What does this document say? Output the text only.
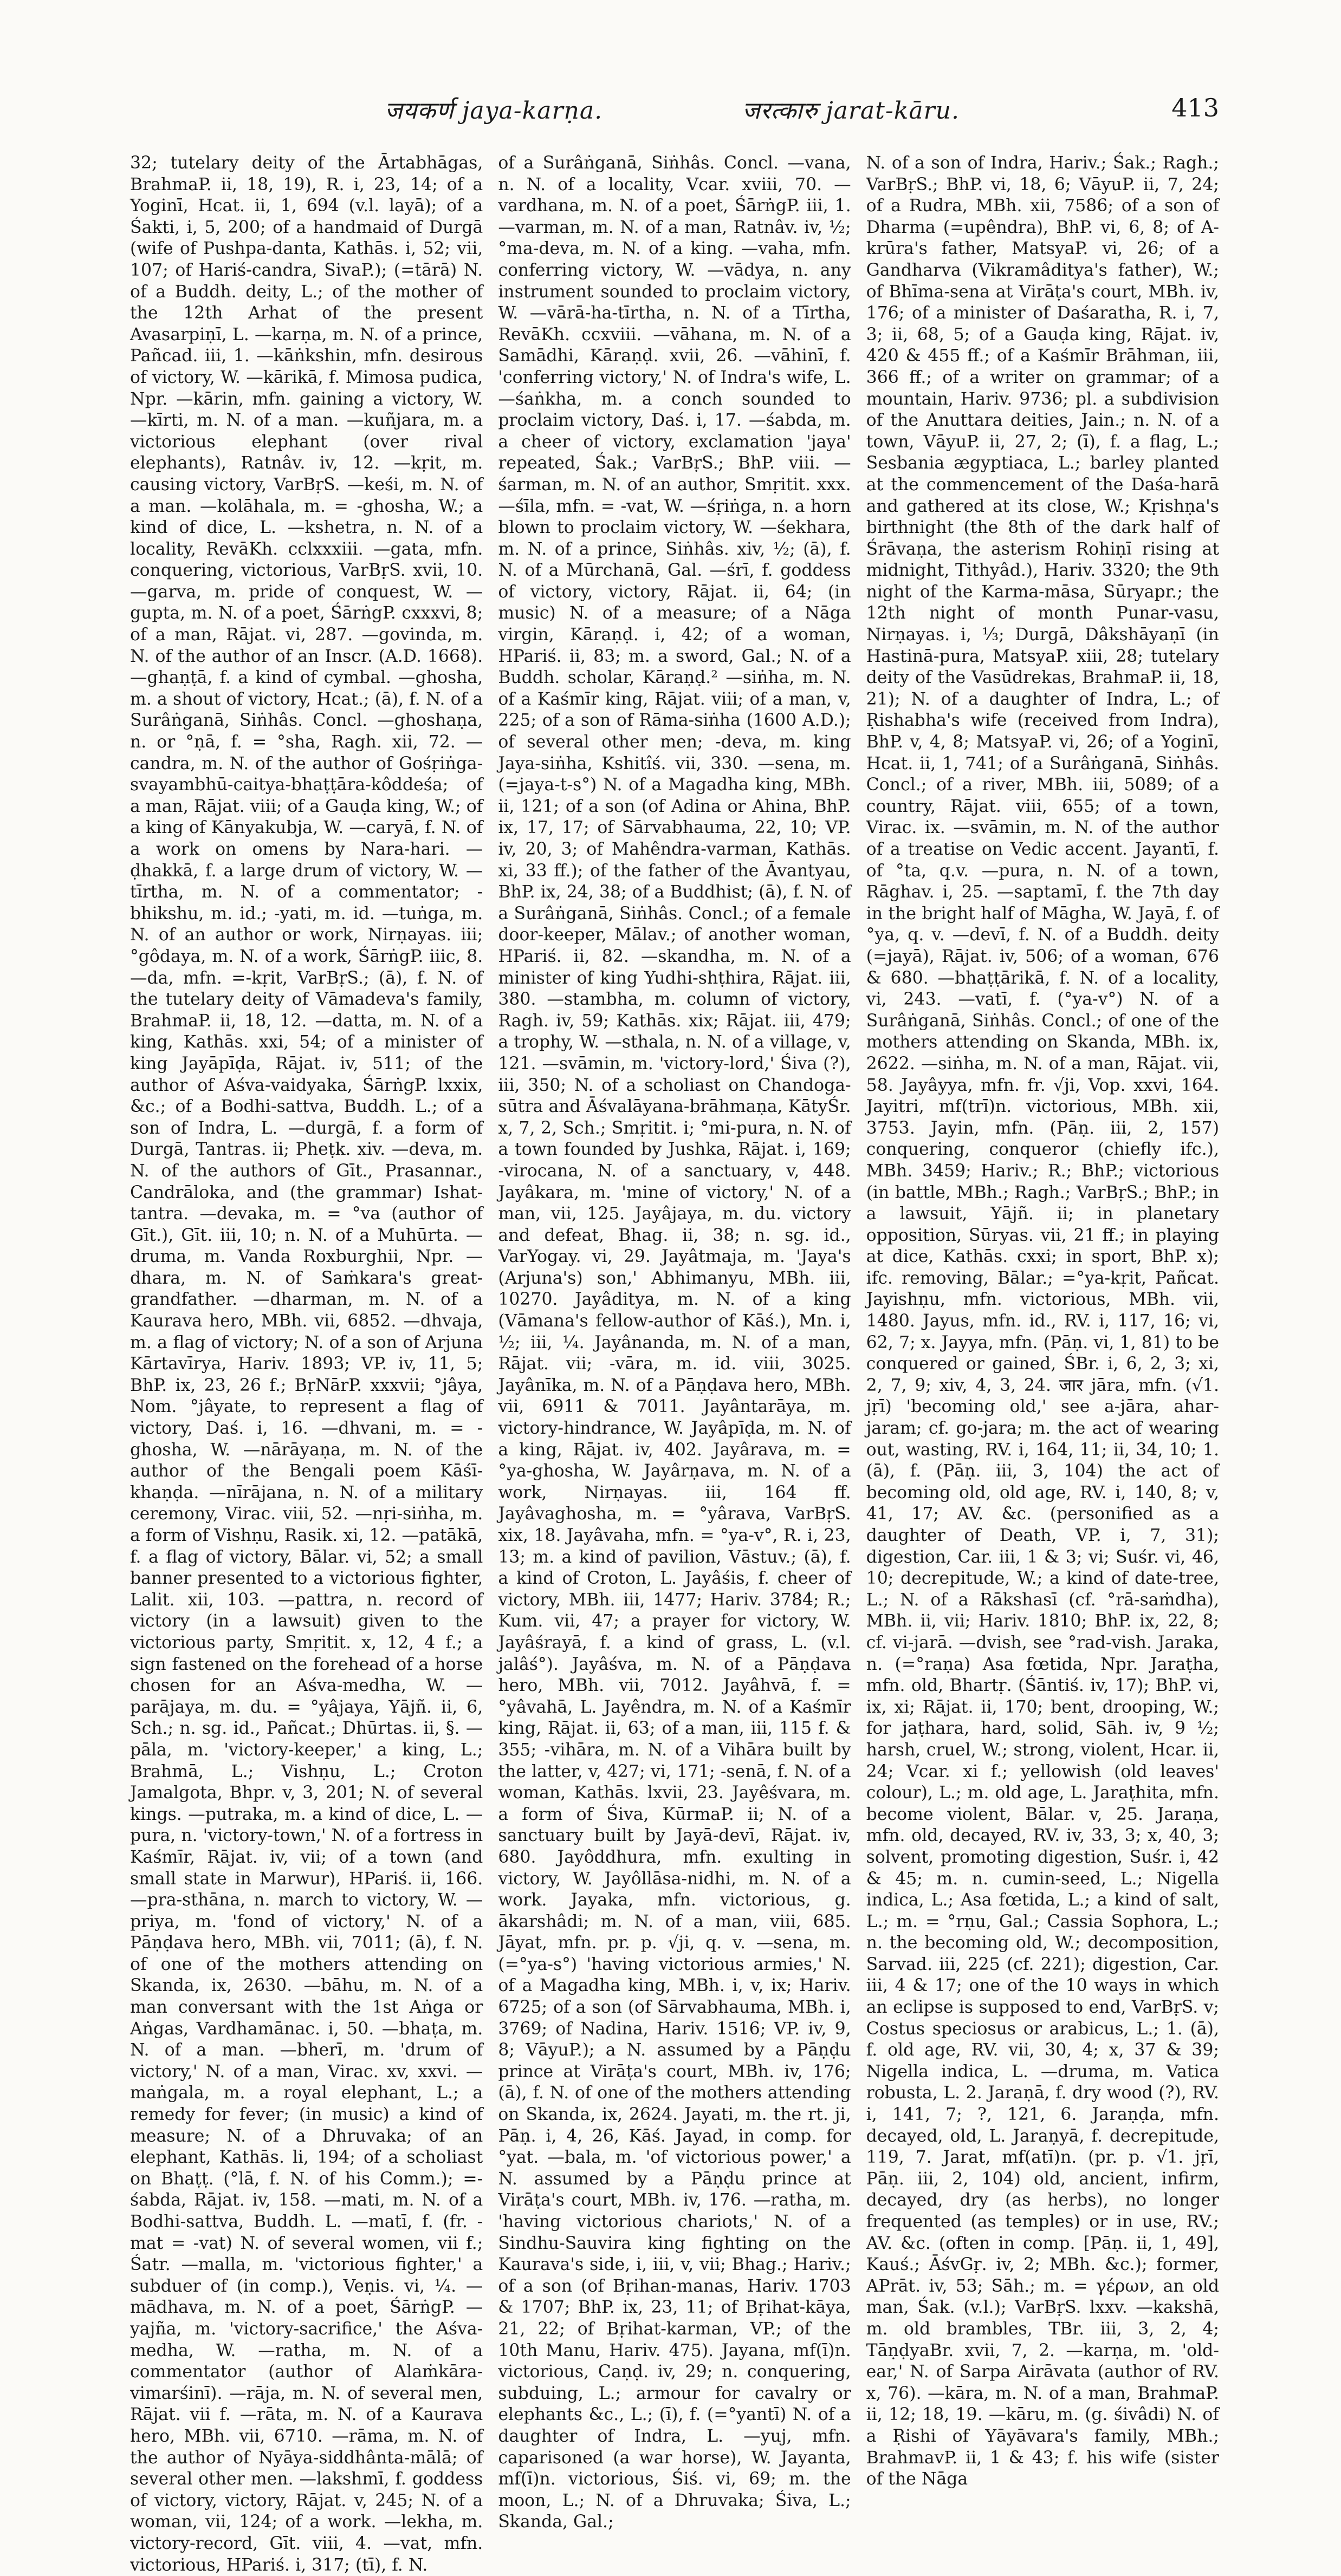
जयकर्ण jaya-karṇa.	जरत्कारु jarat-kāru.	413

32; tutelary deity of the Ārtabhāgas, BrahmaP. ii, 18, 19), R. i, 23, 14; of a Yoginī, Hcat. ii, 1, 694 (v.l. layā); of a Śakti, i, 5, 200; of a handmaid of Durgā (wife of Pushpa-danta, Kathās. i, 52; vii, 107; of Hariś-candra, SivaP.); (=tārā) N. of a Buddh. deity, L.; of the mother of the 12th Arhat of the present Avasarpiṇī, L. —karṇa, m. N. of a prince, Pañcad. iii, 1. —kāṅkshin, mfn. desirous of victory, W. —kārikā, f. Mimosa pudica, Npr. —kārin, mfn. gaining a victory, W. —kīrti, m. N. of a man. —kuñjara, m. a victorious elephant (over rival elephants), Ratnâv. iv, 12. —kṛit, m. causing victory, VarBṛS. —keśi, m. N. of a man. —kolāhala, m. = -ghosha, W.; a kind of dice, L. —kshetra, n. N. of a locality, RevāKh. cclxxxiii. —gata, mfn. conquering, victorious, VarBṛS. xvii, 10. —garva, m. pride of conquest, W. —gupta, m. N. of a poet, ŚārṅgP. cxxxvi, 8; of a man, Rājat. vi, 287. —govinda, m. N. of the author of an Inscr. (A.D. 1668). —ghaṇṭā, f. a kind of cymbal. —ghosha, m. a shout of victory, Hcat.; (ā), f. N. of a Surâṅganā, Siṅhâs. Concl. —ghoshaṇa, n. or °ṇā, f. = °sha, Ragh. xii, 72. —candra, m. N. of the author of Gośṛiṅga-svayambhū-caitya-bhaṭṭāra-kôddeśa; of a man, Rājat. viii; of a Gauḍa king, W.; of a king of Kānyakubja, W. —caryā, f. N. of a work on omens by Nara-hari. —ḍhakkā, f. a large drum of victory, W. —tīrtha, m. N. of a commentator; -bhikshu, m. id.; -yati, m. id. —tuṅga, m. N. of an author or work, Nirṇayas. iii; °gôdaya, m. N. of a work, ŚārṅgP. iiic, 8. —da, mfn. =-kṛit, VarBṛS.; (ā), f. N. of the tutelary deity of Vāmadeva's family, BrahmaP. ii, 18, 12. —datta, m. N. of a king, Kathās. xxi, 54; of a minister of king Jayāpīḍa, Rājat. iv, 511; of the author of Aśva-vaidyaka, ŚārṅgP. lxxix, &c.; of a Bodhi-sattva, Buddh. L.; of a son of Indra, L. —durgā, f. a form of Durgā, Tantras. ii; Pheṭk. xiv. —deva, m. N. of the authors of Gīt., Prasannar., Candrāloka, and (the grammar) Ishat-tantra. —devaka, m. = °va (author of Gīt.), Gīt. iii, 10; n. N. of a Muhūrta. —druma, m. Vanda Roxburghii, Npr. —dhara, m. N. of Saṁkara's great-grandfather. —dharman, m. N. of a Kaurava hero, MBh. vii, 6852. —dhvaja, m. a flag of victory; N. of a son of Arjuna Kārtavīrya, Hariv. 1893; VP. iv, 11, 5; BhP. ix, 23, 26 f.; BṛNārP. xxxvii; °jâya, Nom. °jâyate, to represent a flag of victory, Daś. i, 16. —dhvani, m. = -ghosha, W. —nārāyaṇa, m. N. of the author of the Bengali poem Kāśī-khaṇḍa. —nīrājana, n. N. of a military ceremony, Virac. viii, 52. —nṛi-siṅha, m. a form of Vishṇu, Rasik. xi, 12. —patākā, f. a flag of victory, Bālar. vi, 52; a small banner presented to a victorious fighter, Lalit. xii, 103. —pattra, n. record of victory (in a lawsuit) given to the victorious party, Smṛitit. x, 12, 4 f.; a sign fastened on the forehead of a horse chosen for an Aśva-medha, W. —parājaya, m. du. = °yâjaya, Yājñ. ii, 6, Sch.; n. sg. id., Pañcat.; Dhūrtas. ii, §. —pāla, m. 'victory-keeper,' a king, L.; Brahmā, L.; Vishṇu, L.; Croton Jamalgota, Bhpr. v, 3, 201; N. of several kings. —putraka, m. a kind of dice, L. —pura, n. 'victory-town,' N. of a fortress in Kaśmīr, Rājat. iv, vii; of a town (and small state in Marwur), HPariś. ii, 166. —pra-sthāna, n. march to victory, W. —priya, m. 'fond of victory,' N. of a Pāṇḍava hero, MBh. vii, 7011; (ā), f. N. of one of the mothers attending on Skanda, ix, 2630. —bāhu, m. N. of a man conversant with the 1st Aṅga or Aṅgas, Vardhamānac. i, 50. —bhaṭa, m. N. of a man. —bherī, m. 'drum of victory,' N. of a man, Virac. xv, xxvi. —maṅgala, m. a royal elephant, L.; a remedy for fever; (in music) a kind of measure; N. of a Dhruvaka; of an elephant, Kathās. li, 194; of a scholiast on Bhaṭṭ. (°lā, f. N. of his Comm.); =-śabda, Rājat. iv, 158. —mati, m. N. of a Bodhi-sattva, Buddh. L. —matī, f. (fr. -mat = -vat) N. of several women, vii f.; Śatr. —malla, m. 'victorious fighter,' a subduer of (in comp.), Veṇis. vi, ¼. —mādhava, m. N. of a poet, ŚārṅgP. —yajña, m. 'victory-sacrifice,' the Aśva-medha, W. —ratha, m. N. of a commentator (author of Alaṁkāra-vimarśinī). —rāja, m. N. of several men, Rājat. vii f. —rāta, m. N. of a Kaurava hero, MBh. vii, 6710. —rāma, m. N. of the author of Nyāya-siddhânta-mālā; of several other men. —lakshmī, f. goddess of victory, victory, Rājat. v, 245; N. of a woman, vii, 124; of a work. —lekha, m. victory-record, Gīt. viii, 4. —vat, mfn. victorious, HPariś. i, 317; (tī), f. N.

of a Surâṅganā, Siṅhâs. Concl. —vana, n. N. of a locality, Vcar. xviii, 70. —vardhana, m. N. of a poet, ŚārṅgP. iii, 1. —varman, m. N. of a man, Ratnâv. iv, ½; °ma-deva, m. N. of a king. —vaha, mfn. conferring victory, W. —vādya, n. any instrument sounded to proclaim victory, W. —vārā-ha-tīrtha, n. N. of a Tīrtha, RevāKh. ccxviii. —vāhana, m. N. of a Samādhi, Kāraṇḍ. xvii, 26. —vāhinī, f. 'conferring victory,' N. of Indra's wife, L. —śaṅkha, m. a conch sounded to proclaim victory, Daś. i, 17. —śabda, m. a cheer of victory, exclamation 'jaya' repeated, Śak.; VarBṛS.; BhP. viii. —śarman, m. N. of an author, Smṛitit. xxx. —śīla, mfn. = -vat, W. —śṛiṅga, n. a horn blown to proclaim victory, W. —śekhara, m. N. of a prince, Siṅhâs. xiv, ½; (ā), f. N. of a Mūrchanā, Gal. —śrī, f. goddess of victory, victory, Rājat. ii, 64; (in music) N. of a measure; of a Nāga virgin, Kāraṇḍ. i, 42; of a woman, HPariś. ii, 83; m. a sword, Gal.; N. of a Buddh. scholar, Kāraṇḍ.² —siṅha, m. N. of a Kaśmīr king, Rājat. viii; of a man, v, 225; of a son of Rāma-siṅha (1600 A.D.); of several other men; -deva, m. king Jaya-siṅha, Kshitîś. vii, 330. —sena, m. (=jaya-t-s°) N. of a Magadha king, MBh. ii, 121; of a son (of Adina or Ahina, BhP. ix, 17, 17; of Sārvabhauma, 22, 10; VP. iv, 20, 3; of Mahêndra-varman, Kathās. xi, 33 ff.); of the father of the Āvantyau, BhP. ix, 24, 38; of a Buddhist; (ā), f. N. of a Surâṅganā, Siṅhâs. Concl.; of a female door-keeper, Mālav.; of another woman, HPariś. ii, 82. —skandha, m. N. of a minister of king Yudhi-shṭhira, Rājat. iii, 380. —stambha, m. column of victory, Ragh. iv, 59; Kathās. xix; Rājat. iii, 479; a trophy, W. —sthala, n. N. of a village, v, 121. —svāmin, m. 'victory-lord,' Śiva (?), iii, 350; N. of a scholiast on Chandoga-sūtra and Āśvalāyana-brāhmaṇa, KātyŚr. x, 7, 2, Sch.; Smṛitit. i; °mi-pura, n. N. of a town founded by Jushka, Rājat. i, 169; -virocana, N. of a sanctuary, v, 448. Jayâkara, m. 'mine of victory,' N. of a man, vii, 125. Jayâjaya, m. du. victory and defeat, Bhag. ii, 38; n. sg. id., VarYogay. vi, 29. Jayâtmaja, m. 'Jaya's (Arjuna's) son,' Abhimanyu, MBh. iii, 10270. Jayâditya, m. N. of a king (Vāmana's fellow-author of Kāś.), Mn. i, ½; iii, ¼. Jayânanda, m. N. of a man, Rājat. vii; -vāra, m. id. viii, 3025. Jayânīka, m. N. of a Pāṇḍava hero, MBh. vii, 6911 & 7011. Jayântarāya, m. victory-hindrance, W. Jayâpīḍa, m. N. of a king, Rājat. iv, 402. Jayârava, m. = °ya-ghosha, W. Jayârṇava, m. N. of a work, Nirṇayas. iii, 164 ff. Jayâvaghosha, m. = °yârava, VarBṛS. xix, 18. Jayâvaha, mfn. = °ya-v°, R. i, 23, 13; m. a kind of pavilion, Vāstuv.; (ā), f. a kind of Croton, L. Jayâśis, f. cheer of victory, MBh. iii, 1477; Hariv. 3784; R.; Kum. vii, 47; a prayer for victory, W. Jayâśrayā, f. a kind of grass, L. (v.l. jalâś°). Jayâśva, m. N. of a Pāṇḍava hero, MBh. vii, 7012. Jayâhvā, f. = °yâvahā, L. Jayêndra, m. N. of a Kaśmīr king, Rājat. ii, 63; of a man, iii, 115 f. & 355; -vihāra, m. N. of a Vihāra built by the latter, v, 427; vi, 171; -senā, f. N. of a woman, Kathās. lxvii, 23. Jayêśvara, m. a form of Śiva, KūrmaP. ii; N. of a sanctuary built by Jayā-devī, Rājat. iv, 680. Jayôddhura, mfn. exulting in victory, W. Jayôllāsa-nidhi, m. N. of a work. Jayaka, mfn. victorious, g. ākarshâdi; m. N. of a man, viii, 685. Jāyat, mfn. pr. p. √ji, q. v. —sena, m. (=°ya-s°) 'having victorious armies,' N. of a Magadha king, MBh. i, v, ix; Hariv. 6725; of a son (of Sārvabhauma, MBh. i, 3769; of Nadina, Hariv. 1516; VP. iv, 9, 8; VāyuP.); a N. assumed by a Pāṇḍu prince at Virāṭa's court, MBh. iv, 176; (ā), f. N. of one of the mothers attending on Skanda, ix, 2624. Jayati, m. the rt. ji, Pāṇ. i, 4, 26, Kāś. Jayad, in comp. for °yat. —bala, m. 'of victorious power,' a N. assumed by a Pāṇḍu prince at Virāṭa's court, MBh. iv, 176. —ratha, m. 'having victorious chariots,' N. of a Sindhu-Sauvira king fighting on the Kaurava's side, i, iii, v, vii; Bhag.; Hariv.; of a son (of Bṛihan-manas, Hariv. 1703 & 1707; BhP. ix, 23, 11; of Bṛihat-kāya, 21, 22; of Bṛihat-karman, VP.; of the 10th Manu, Hariv. 475). Jayana, mf(ī)n. victorious, Caṇḍ. iv, 29; n. conquering, subduing, L.; armour for cavalry or elephants &c., L.; (ī), f. (=°yantī) N. of a daughter of Indra, L. —yuj, mfn. caparisoned (a war horse), W. Jayanta, mf(ī)n. victorious, Śiś. vi, 69; m. the moon, L.; N. of a Dhruvaka; Śiva, L.; Skanda, Gal.;

N. of a son of Indra, Hariv.; Śak.; Ragh.; VarBṛS.; BhP. vi, 18, 6; VāyuP. ii, 7, 24; of a Rudra, MBh. xii, 7586; of a son of Dharma (=upêndra), BhP. vi, 6, 8; of A-krūra's father, MatsyaP. vi, 26; of a Gandharva (Vikramâditya's father), W.; of Bhīma-sena at Virāṭa's court, MBh. iv, 176; of a minister of Daśaratha, R. i, 7, 3; ii, 68, 5; of a Gauḍa king, Rājat. iv, 420 & 455 ff.; of a Kaśmīr Brāhman, iii, 366 ff.; of a writer on grammar; of a mountain, Hariv. 9736; pl. a subdivision of the Anuttara deities, Jain.; n. N. of a town, VāyuP. ii, 27, 2; (ī), f. a flag, L.; Sesbania ægyptiaca, L.; barley planted at the commencement of the Daśa-harā and gathered at its close, W.; Kṛishṇa's birthnight (the 8th of the dark half of Śrāvaṇa, the asterism Rohiṇī rising at midnight, Tithyâd.), Hariv. 3320; the 9th night of the Karma-māsa, Sūryapr.; the 12th night of month Punar-vasu, Nirṇayas. i, ⅓; Durgā, Dâkshāyaṇī (in Hastinā-pura, MatsyaP. xiii, 28; tutelary deity of the Vasūdrekas, BrahmaP. ii, 18, 21); N. of a daughter of Indra, L.; of Ṛishabha's wife (received from Indra), BhP. v, 4, 8; MatsyaP. vi, 26; of a Yoginī, Hcat. ii, 1, 741; of a Surâṅganā, Siṅhâs. Concl.; of a river, MBh. iii, 5089; of a country, Rājat. viii, 655; of a town, Virac. ix. —svāmin, m. N. of the author of a treatise on Vedic accent. Jayantī, f. of °ta, q.v. —pura, n. N. of a town, Rāghav. i, 25. —saptamī, f. the 7th day in the bright half of Māgha, W. Jayā, f. of °ya, q. v. —devī, f. N. of a Buddh. deity (=jayā), Rājat. iv, 506; of a woman, 676 & 680. —bhaṭṭārikā, f. N. of a locality, vi, 243. —vatī, f. (°ya-v°) N. of a Surâṅganā, Siṅhâs. Concl.; of one of the mothers attending on Skanda, MBh. ix, 2622. —siṅha, m. N. of a man, Rājat. vii, 58. Jayâyya, mfn. fr. √ji, Vop. xxvi, 164. Jayitri, mf(trī)n. victorious, MBh. xii, 3753. Jayin, mfn. (Pāṇ. iii, 2, 157) conquering, conqueror (chiefly ifc.), MBh. 3459; Hariv.; R.; BhP.; victorious (in battle, MBh.; Ragh.; VarBṛS.; BhP.; in a lawsuit, Yājñ. ii; in planetary opposition, Sūryas. vii, 21 ff.; in playing at dice, Kathās. cxxi; in sport, BhP. x); ifc. removing, Bālar.; =°ya-kṛit, Pañcat. Jayishṇu, mfn. victorious, MBh. vii, 1480. Jayus, mfn. id., RV. i, 117, 16; vi, 62, 7; x. Jayya, mfn. (Pāṇ. vi, 1, 81) to be conquered or gained, ŚBr. i, 6, 2, 3; xi, 2, 7, 9; xiv, 4, 3, 24. जार jāra, mfn. (√1. jṛī) 'becoming old,' see a-jāra, ahar-jaram; cf. go-jara; m. the act of wearing out, wasting, RV. i, 164, 11; ii, 34, 10; 1. (ā), f. (Pāṇ. iii, 3, 104) the act of becoming old, old age, RV. i, 140, 8; v, 41, 17; AV. &c. (personified as a daughter of Death, VP. i, 7, 31); digestion, Car. iii, 1 & 3; vi; Suśr. vi, 46, 10; decrepitude, W.; a kind of date-tree, L.; N. of a Rākshasī (cf. °rā-saṁdha), MBh. ii, vii; Hariv. 1810; BhP. ix, 22, 8; cf. vi-jarā. —dvish, see °rad-vish. Jaraka, n. (=°raṇa) Asa fœtida, Npr. Jaraṭha, mfn. old, Bhartṛ. (Śāntiś. iv, 17); BhP. vi, ix, xi; Rājat. ii, 170; bent, drooping, W.; for jaṭhara, hard, solid, Sāh. iv, 9 ½; harsh, cruel, W.; strong, violent, Hcar. ii, 24; Vcar. xi f.; yellowish (old leaves' colour), L.; m. old age, L. Jaraṭhita, mfn. become violent, Bālar. v, 25. Jaraṇa, mfn. old, decayed, RV. iv, 33, 3; x, 40, 3; solvent, promoting digestion, Suśr. i, 42 & 45; m. n. cumin-seed, L.; Nigella indica, L.; Asa fœtida, L.; a kind of salt, L.; m. = °rṇu, Gal.; Cassia Sophora, L.; n. the becoming old, W.; decomposition, Sarvad. iii, 225 (cf. 221); digestion, Car. iii, 4 & 17; one of the 10 ways in which an eclipse is supposed to end, VarBṛS. v; Costus speciosus or arabicus, L.; 1. (ā), f. old age, RV. vii, 30, 4; x, 37 & 39; Nigella indica, L. —druma, m. Vatica robusta, L. 2. Jaraṇā, f. dry wood (?), RV. i, 141, 7; ?, 121, 6. Jaraṇḍa, mfn. decayed, old, L. Jaraṇyā, f. decrepitude, 119, 7. Jarat, mf(atī)n. (pr. p. √1. jṛī, Pāṇ. iii, 2, 104) old, ancient, infirm, decayed, dry (as herbs), no longer frequented (as temples) or in use, RV.; AV. &c. (often in comp. [Pāṇ. ii, 1, 49], Kauś.; ĀśvGṛ. iv, 2; MBh. &c.); former, APrāt. iv, 53; Sāh.; m. = γέρων, an old man, Śak. (v.l.); VarBṛS. lxxv. —kakshā, m. old brambles, TBr. iii, 3, 2, 4; TāṇḍyaBr. xvii, 7, 2. —karṇa, m. 'old-ear,' N. of Sarpa Airāvata (author of RV. x, 76). —kāra, m. N. of a man, BrahmaP. ii, 12; 18, 19. —kāru, m. (g. śivâdi) N. of a Ṛishi of Yāyāvara's family, MBh.; BrahmavP. ii, 1 & 43; f. his wife (sister of the Nāga
